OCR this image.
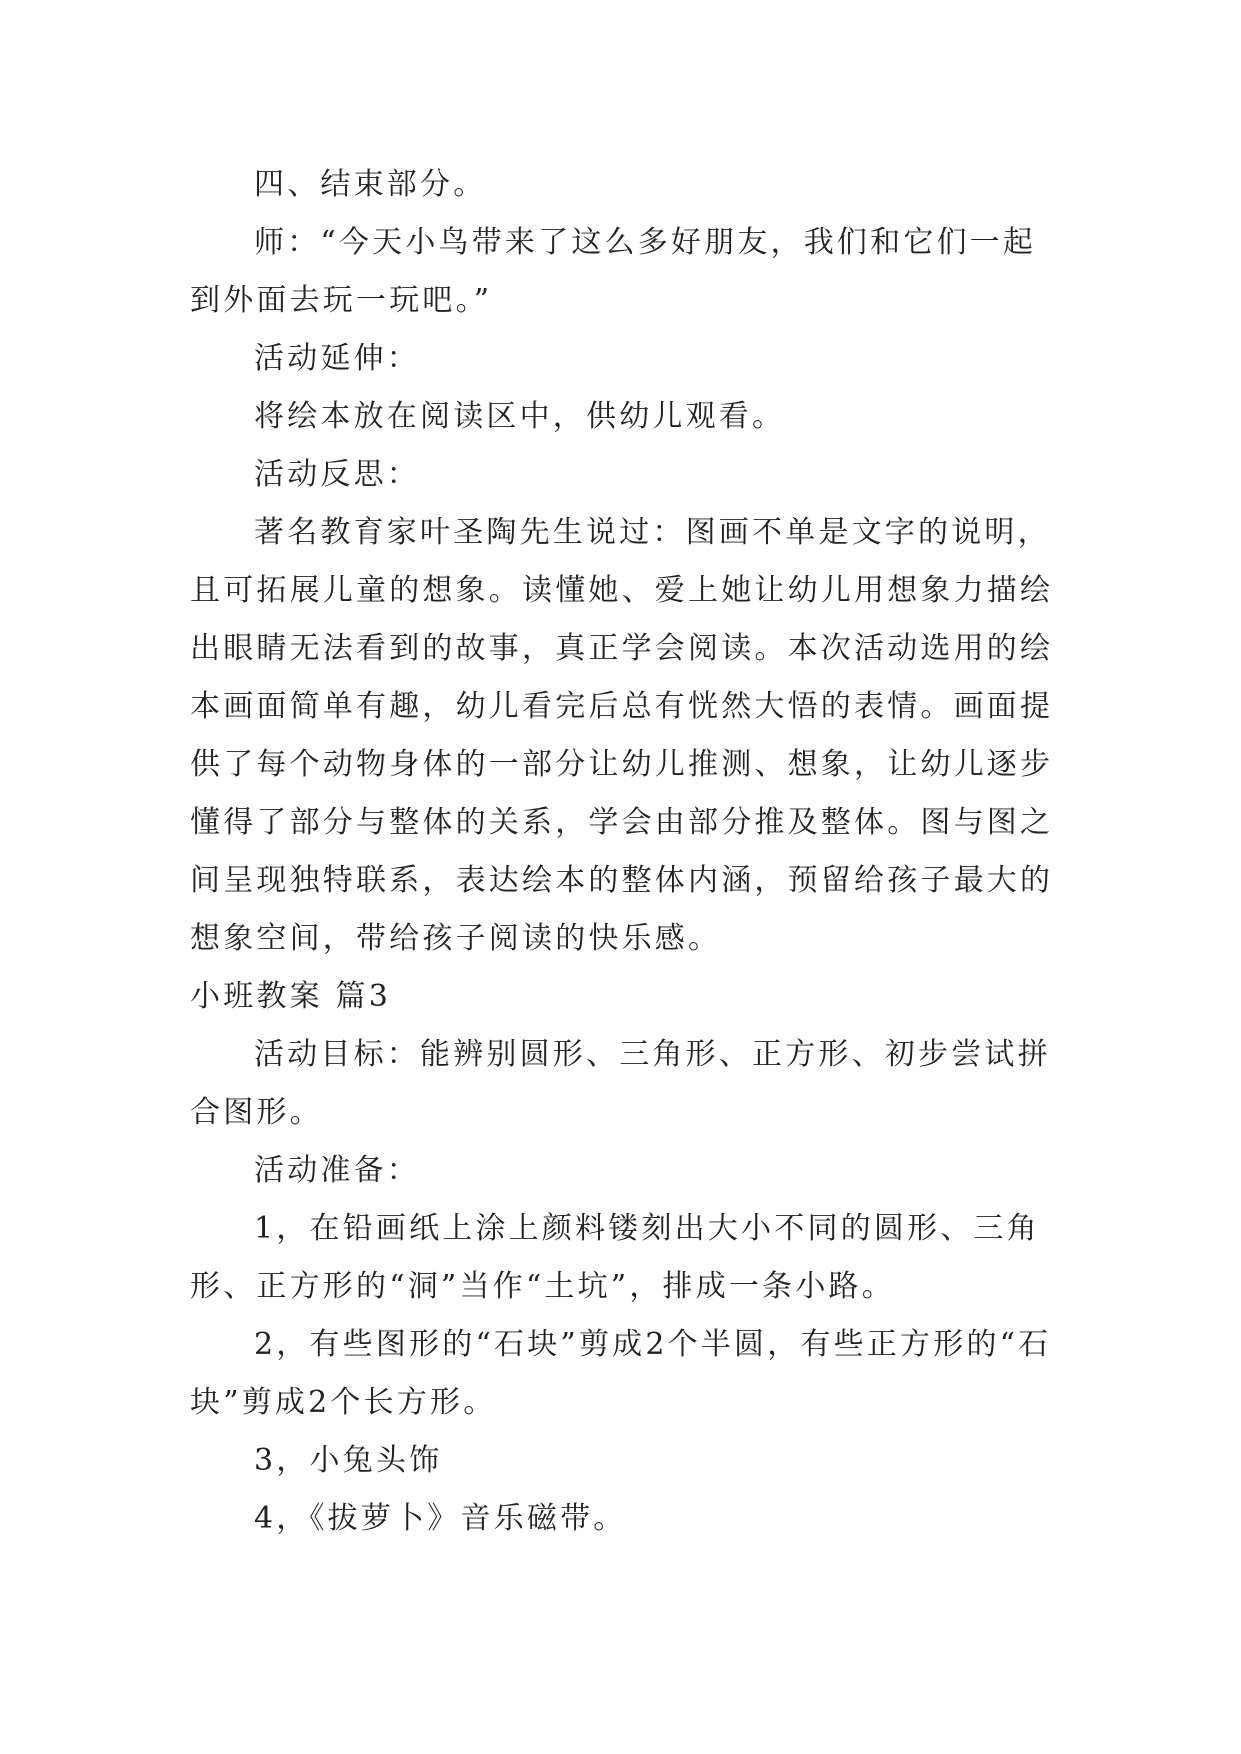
四、结束部分。

师：“今天小鸟带来了这么多好朋友，我们和它们一起到外面去玩一玩吧。”

活动延伸：

将绘本放在阅读区中，供幼儿观看。

活动反思：

著名教育家叶圣陶先生说过：图画不单是文字的说明，且可拓展儿童的想象。读懂她、爱上她让幼儿用想象力描绘出眼睛无法看到的故事，真正学会阅读。本次活动选用的绘本画面简单有趣，幼儿看完后总有恍然大悟的表情。画面提供了每个动物身体的一部分让幼儿推测、想象，让幼儿逐步懂得了部分与整体的关系，学会由部分推及整体。图与图之间呈现独特联系，表达绘本的整体内涵，预留给孩子最大的想象空间，带给孩子阅读的快乐感。

小班教案 篇3

活动目标：能辨别圆形、三角形、正方形、初步尝试拼合图形。

活动准备：

1，在铅画纸上涂上颜料镂刻出大小不同的圆形、三角形、正方形的“洞”当作“土坑”，排成一条小路。

2，有些图形的“石块”剪成2个半圆，有些正方形的“石块”剪成2个长方形。

3，小兔头饰

4，《拔萝卜》音乐磁带。
